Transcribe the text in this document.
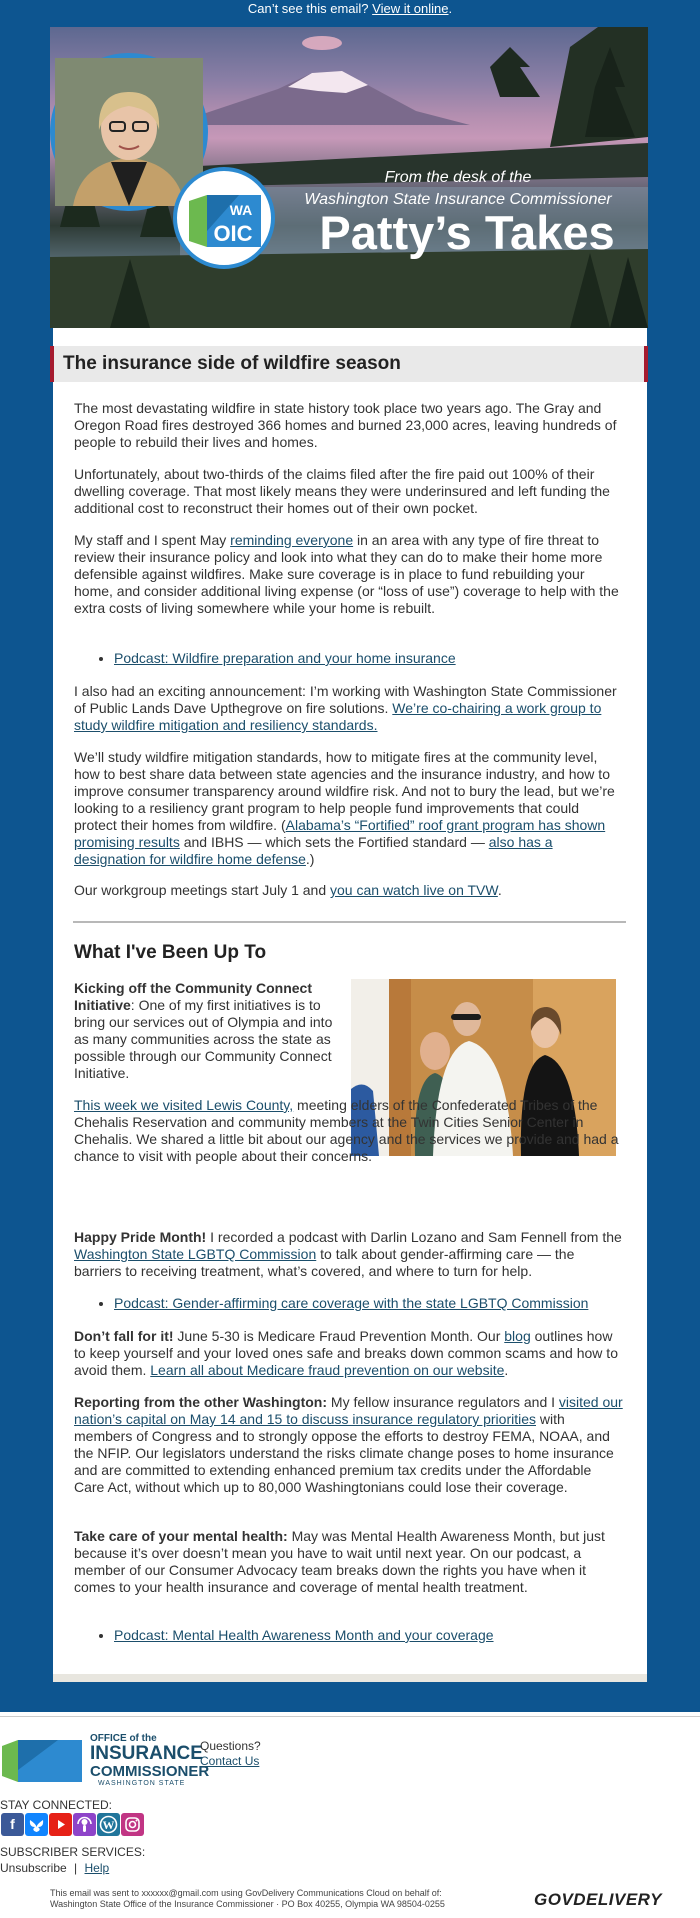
Can’t see this email? View it online.
WA
OIC
From the desk of the
Washington State Insurance Commissioner
Patty’s Takes
The insurance side of wildfire season

The most devastating wildfire in state history took place two years ago. The Gray and Oregon Road fires destroyed 366 homes and burned 23,000 acres, leaving hundreds of people to rebuild their lives and homes.

Unfortunately, about two-thirds of the claims filed after the fire paid out 100% of their dwelling coverage. That most likely means they were underinsured and left funding the additional cost to reconstruct their homes out of their own pocket.

My staff and I spent May reminding everyone in an area with any type of fire threat to review their insurance policy and look into what they can do to make their home more defensible against wildfires. Make sure coverage is in place to fund rebuilding your home, and consider additional living expense (or “loss of use”) coverage to help with the extra costs of living somewhere while your home is rebuilt.

• Podcast: Wildfire preparation and your home insurance

I also had an exciting announcement: I’m working with Washington State Commissioner of Public Lands Dave Upthegrove on fire solutions. We’re co-chairing a work group to study wildfire mitigation and resiliency standards.

We’ll study wildfire mitigation standards, how to mitigate fires at the community level, how to best share data between state agencies and the insurance industry, and how to improve consumer transparency around wildfire risk. And not to bury the lead, but we’re looking to a resiliency grant program to help people fund improvements that could protect their homes from wildfire. (Alabama’s “Fortified” roof grant program has shown promising results and IBHS — which sets the Fortified standard — also has a designation for wildfire home defense.)

Our workgroup meetings start July 1 and you can watch live on TVW.

What I've Been Up To

Kicking off the Community Connect Initiative: One of my first initiatives is to bring our services out of Olympia and into as many communities across the state as possible through our Community Connect Initiative.

This week we visited Lewis County, meeting elders of the Confederated Tribes of the Chehalis Reservation and community members at the Twin Cities Senior Center in Chehalis. We shared a little bit about our agency and the services we provide and had a chance to visit with people about their concerns.

Happy Pride Month! I recorded a podcast with Darlin Lozano and Sam Fennell from the Washington State LGBTQ Commission to talk about gender-affirming care — the barriers to receiving treatment, what’s covered, and where to turn for help.

• Podcast: Gender-affirming care coverage with the state LGBTQ Commission

Don’t fall for it! June 5-30 is Medicare Fraud Prevention Month. Our blog outlines how to keep yourself and your loved ones safe and breaks down common scams and how to avoid them. Learn all about Medicare fraud prevention on our website.

Reporting from the other Washington: My fellow insurance regulators and I visited our nation’s capital on May 14 and 15 to discuss insurance regulatory priorities with members of Congress and to strongly oppose the efforts to destroy FEMA, NOAA, and the NFIP. Our legislators understand the risks climate change poses to home insurance and are committed to extending enhanced premium tax credits under the Affordable Care Act, without which up to 80,000 Washingtonians could lose their coverage.

Take care of your mental health: May was Mental Health Awareness Month, but just because it’s over doesn’t mean you have to wait until next year. On our podcast, a member of our Consumer Advocacy team breaks down the rights you have when it comes to your health insurance and coverage of mental health treatment.

• Podcast: Mental Health Awareness Month and your coverage
OFFICE of the
INSURANCE
COMMISSIONER
WASHINGTON STATE
Questions?
Contact Us
STAY CONNECTED:
f	W
SUBSCRIBER SERVICES:
Unsubscribe | Help
This email was sent to xxxxxx@gmail.com using GovDelivery Communications Cloud on behalf of:
Washington State Office of the Insurance Commissioner · PO Box 40255, Olympia WA 98504-0255	GOVDELIVERY
